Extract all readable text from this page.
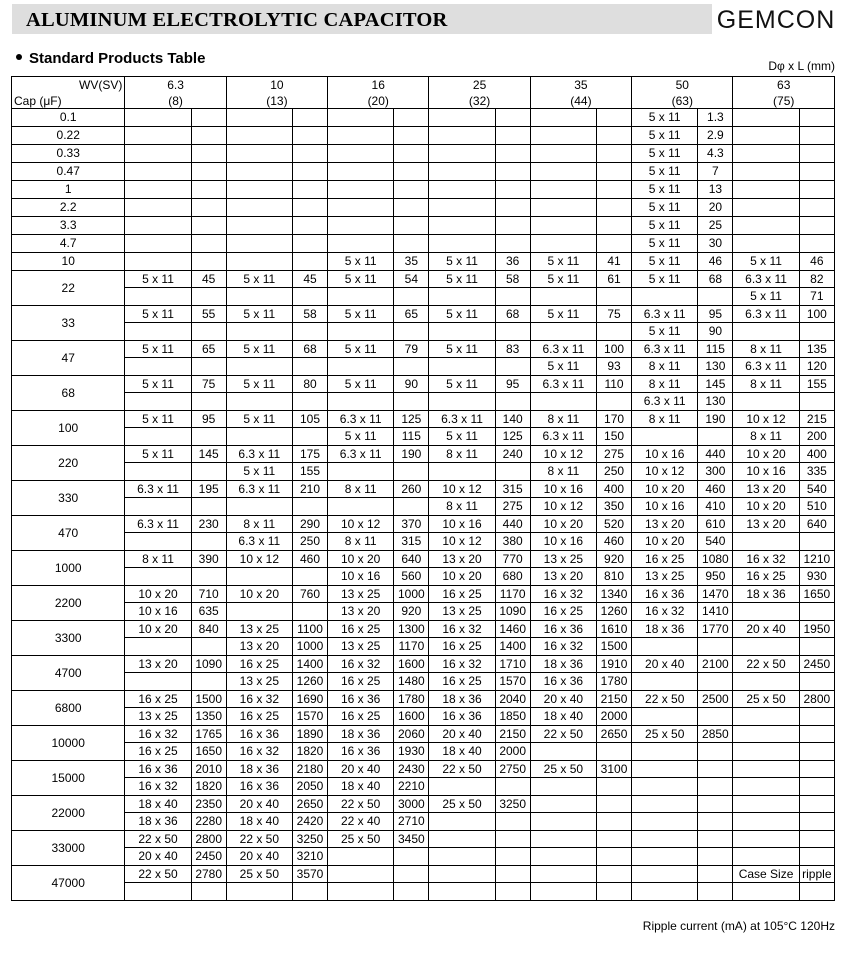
ALUMINUM ELECTROLYTIC CAPACITOR	GEMCON
Standard Products Table	Dφ x L (mm)
WV(SV)	6.3		10		16		25		35		50		63	
Cap (μF)	(8)		(13)		(20)		(32)		(44)		(63)		(75)	
0.1											5 x 11	1.3		
0.22											5 x 11	2.9		
0.33											5 x 11	4.3		
0.47											5 x 11	7		
1											5 x 11	13		
2.2											5 x 11	20		
3.3											5 x 11	25		
4.7											5 x 11	30		
10					5 x 11	35	5 x 11	36	5 x 11	41	5 x 11	46	5 x 11	46
22	5 x 11	45	5 x 11	45	5 x 11	54	5 x 11	58	5 x 11	61	5 x 11	68	6.3 x 11	82
													5 x 11	71
33	5 x 11	55	5 x 11	58	5 x 11	65	5 x 11	68	5 x 11	75	6.3 x 11	95	6.3 x 11	100
											5 x 11	90		
47	5 x 11	65	5 x 11	68	5 x 11	79	5 x 11	83	6.3 x 11	100	6.3 x 11	115	8 x 11	135
									5 x 11	93	8 x 11	130	6.3 x 11	120
68	5 x 11	75	5 x 11	80	5 x 11	90	5 x 11	95	6.3 x 11	110	8 x 11	145	8 x 11	155
											6.3 x 11	130		
100	5 x 11	95	5 x 11	105	6.3 x 11	125	6.3 x 11	140	8 x 11	170	8 x 11	190	10 x 12	215
					5 x 11	115	5 x 11	125	6.3 x 11	150			8 x 11	200
220	5 x 11	145	6.3 x 11	175	6.3 x 11	190	8 x 11	240	10 x 12	275	10 x 16	440	10 x 20	400
			5 x 11	155					8 x 11	250	10 x 12	300	10 x 16	335
330	6.3 x 11	195	6.3 x 11	210	8 x 11	260	10 x 12	315	10 x 16	400	10 x 20	460	13 x 20	540
							8 x 11	275	10 x 12	350	10 x 16	410	10 x 20	510
470	6.3 x 11	230	8 x 11	290	10 x 12	370	10 x 16	440	10 x 20	520	13 x 20	610	13 x 20	640
			6.3 x 11	250	8 x 11	315	10 x 12	380	10 x 16	460	10 x 20	540		
1000	8 x 11	390	10 x 12	460	10 x 20	640	13 x 20	770	13 x 25	920	16 x 25	1080	16 x 32	1210
					10 x 16	560	10 x 20	680	13 x 20	810	13 x 25	950	16 x 25	930
2200	10 x 20	710	10 x 20	760	13 x 25	1000	16 x 25	1170	16 x 32	1340	16 x 36	1470	18 x 36	1650
	10 x 16	635			13 x 20	920	13 x 25	1090	16 x 25	1260	16 x 32	1410		
3300	10 x 20	840	13 x 25	1100	16 x 25	1300	16 x 32	1460	16 x 36	1610	18 x 36	1770	20 x 40	1950
			13 x 20	1000	13 x 25	1170	16 x 25	1400	16 x 32	1500				
4700	13 x 20	1090	16 x 25	1400	16 x 32	1600	16 x 32	1710	18 x 36	1910	20 x 40	2100	22 x 50	2450
			13 x 25	1260	16 x 25	1480	16 x 25	1570	16 x 36	1780				
6800	16 x 25	1500	16 x 32	1690	16 x 36	1780	18 x 36	2040	20 x 40	2150	22 x 50	2500	25 x 50	2800
	13 x 25	1350	16 x 25	1570	16 x 25	1600	16 x 36	1850	18 x 40	2000				
10000	16 x 32	1765	16 x 36	1890	18 x 36	2060	20 x 40	2150	22 x 50	2650	25 x 50	2850		
	16 x 25	1650	16 x 32	1820	16 x 36	1930	18 x 40	2000						
15000	16 x 36	2010	18 x 36	2180	20 x 40	2430	22 x 50	2750	25 x 50	3100				
	16 x 32	1820	16 x 36	2050	18 x 40	2210								
22000	18 x 40	2350	20 x 40	2650	22 x 50	3000	25 x 50	3250						
	18 x 36	2280	18 x 40	2420	22 x 40	2710								
33000	22 x 50	2800	22 x 50	3250	25 x 50	3450								
	20 x 40	2450	20 x 40	3210										
47000	22 x 50	2780	25 x 50	3570									Case Size	ripple

Ripple current (mA) at 105°C 120Hz
